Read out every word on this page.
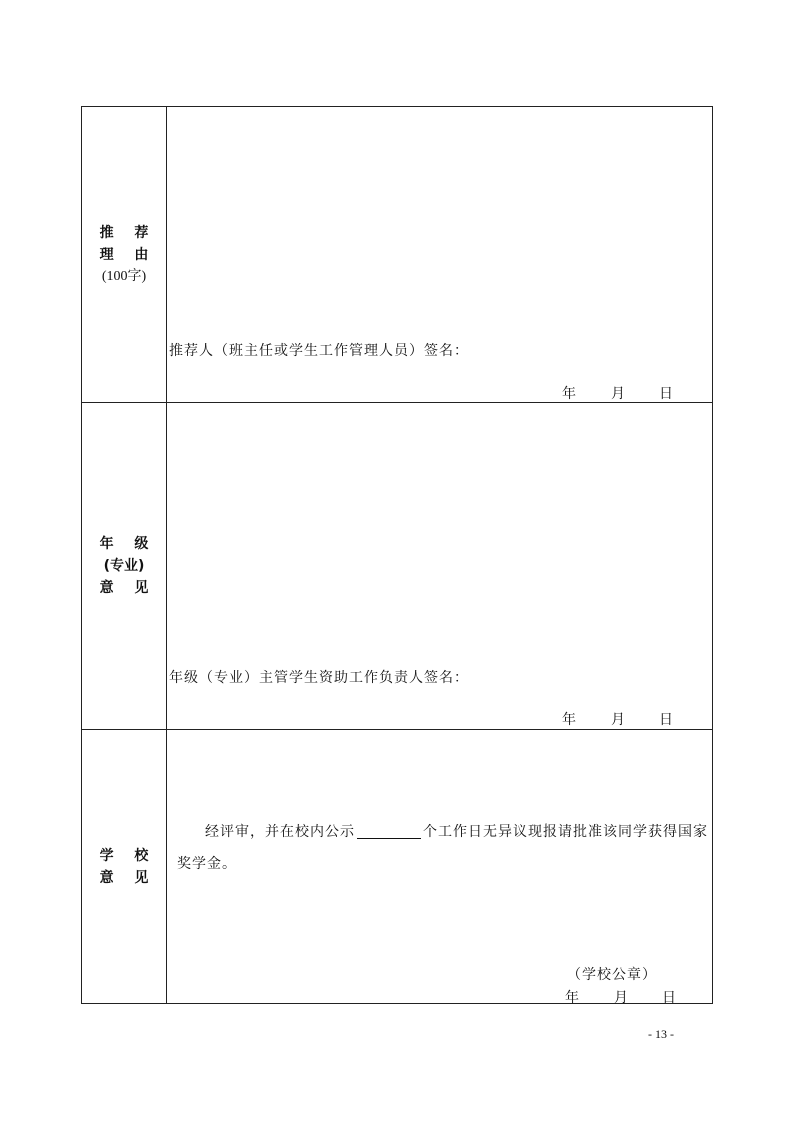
推 荐
理 由
(100字)
推荐人（班主任或学生工作管理人员）签名：
年	月 日
年 级
(专业)
意 见
年级（专业）主管学生资助工作负责人签名：
年	月 日
学 校
意 见
经评审，并在校内公示	个工作日无异议现报请批准该同学获得国家奖学金。
（学校公章）
年	月 日
- 13 -
